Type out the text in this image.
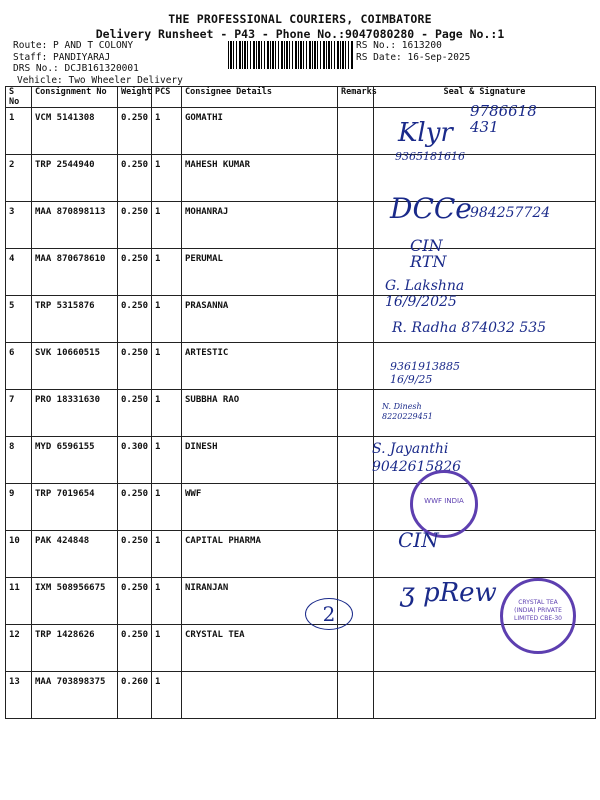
THE PROFESSIONAL COURIERS, COIMBATORE
Delivery Runsheet - P43 - Phone No.:9047080280 - Page No.:1
Route: P AND T COLONY
Staff: PANDIYARAJ
DRS No.: DCJB161320001
Vehicle: Two Wheeler Delivery
RS No.: 1613200
RS Date: 16-Sep-2025
S No	Consignment No	Weight	PCS	Consignee Details	Remarks	Seal & Signature
1	VCM 5141308	0.250	1	GOMATHI		
2	TRP 2544940	0.250	1	MAHESH KUMAR		
3	MAA 870898113	0.250	1	MOHANRAJ		
4	MAA 870678610	0.250	1	PERUMAL		
5	TRP 5315876	0.250	1	PRASANNA		
6	SVK 10660515	0.250	1	ARTESTIC		
7	PRO 18331630	0.250	1	SUBBHA RAO		
8	MYD 6596155	0.300	1	DINESH		
9	TRP 7019654	0.250	1	WWF		
10	PAK 424848	0.250	1	CAPITAL PHARMA		
11	IXM 508956675	0.250	1	NIRANJAN		
12	TRP 1428626	0.250	1	CRYSTAL TEA		
13	MAA 703898375	0.260	1			
9786618 431
Klyr
9365181616
984257724
DCCe
CIN RTN
G. Lakshna 16/9/2025
R. Radha 874032 535
9361913885 16/9/25
N. Dinesh 8220229451
S. Jayanthi 9042615826
WWF INDIA
CIN
ʒ pRew
2	CRYSTAL TEA (INDIA) PRIVATE LIMITED CBE-30
